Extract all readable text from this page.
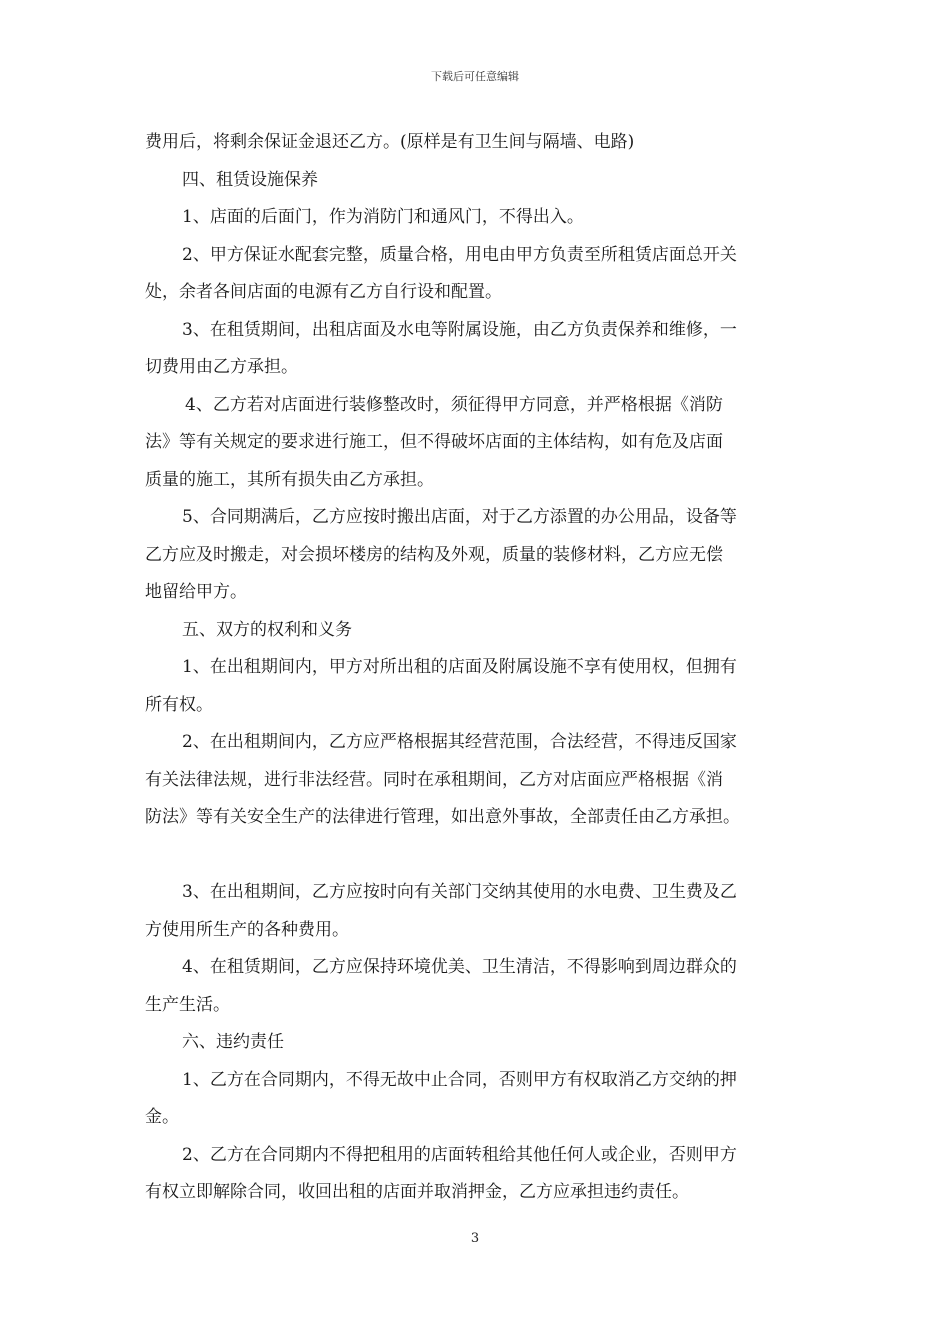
下载后可任意编辑
费用后，将剩余保证金退还乙方。(原样是有卫生间与隔墙、电路)
四、租赁设施保养
1、店面的后面门，作为消防门和通风门，不得出入。
2、甲方保证水配套完整，质量合格，用电由甲方负责至所租赁店面总开关
处，余者各间店面的电源有乙方自行设和配置。
3、在租赁期间，出租店面及水电等附属设施，由乙方负责保养和维修，一
切费用由乙方承担。
4、乙方若对店面进行装修整改时，须征得甲方同意，并严格根据《消防
法》等有关规定的要求进行施工，但不得破坏店面的主体结构，如有危及店面
质量的施工，其所有损失由乙方承担。
5、合同期满后，乙方应按时搬出店面，对于乙方添置的办公用品，设备等
乙方应及时搬走，对会损坏楼房的结构及外观，质量的装修材料，乙方应无偿
地留给甲方。
五、双方的权利和义务
1、在出租期间内，甲方对所出租的店面及附属设施不享有使用权，但拥有
所有权。
2、在出租期间内，乙方应严格根据其经营范围，合法经营，不得违反国家
有关法律法规，进行非法经营。同时在承租期间，乙方对店面应严格根据《消
防法》等有关安全生产的法律进行管理，如出意外事故，全部责任由乙方承担。
3、在出租期间，乙方应按时向有关部门交纳其使用的水电费、卫生费及乙
方使用所生产的各种费用。
4、在租赁期间，乙方应保持环境优美、卫生清洁，不得影响到周边群众的
生产生活。
六、违约责任
1、乙方在合同期内，不得无故中止合同，否则甲方有权取消乙方交纳的押
金。
2、乙方在合同期内不得把租用的店面转租给其他任何人或企业，否则甲方
有权立即解除合同，收回出租的店面并取消押金，乙方应承担违约责任。
3
